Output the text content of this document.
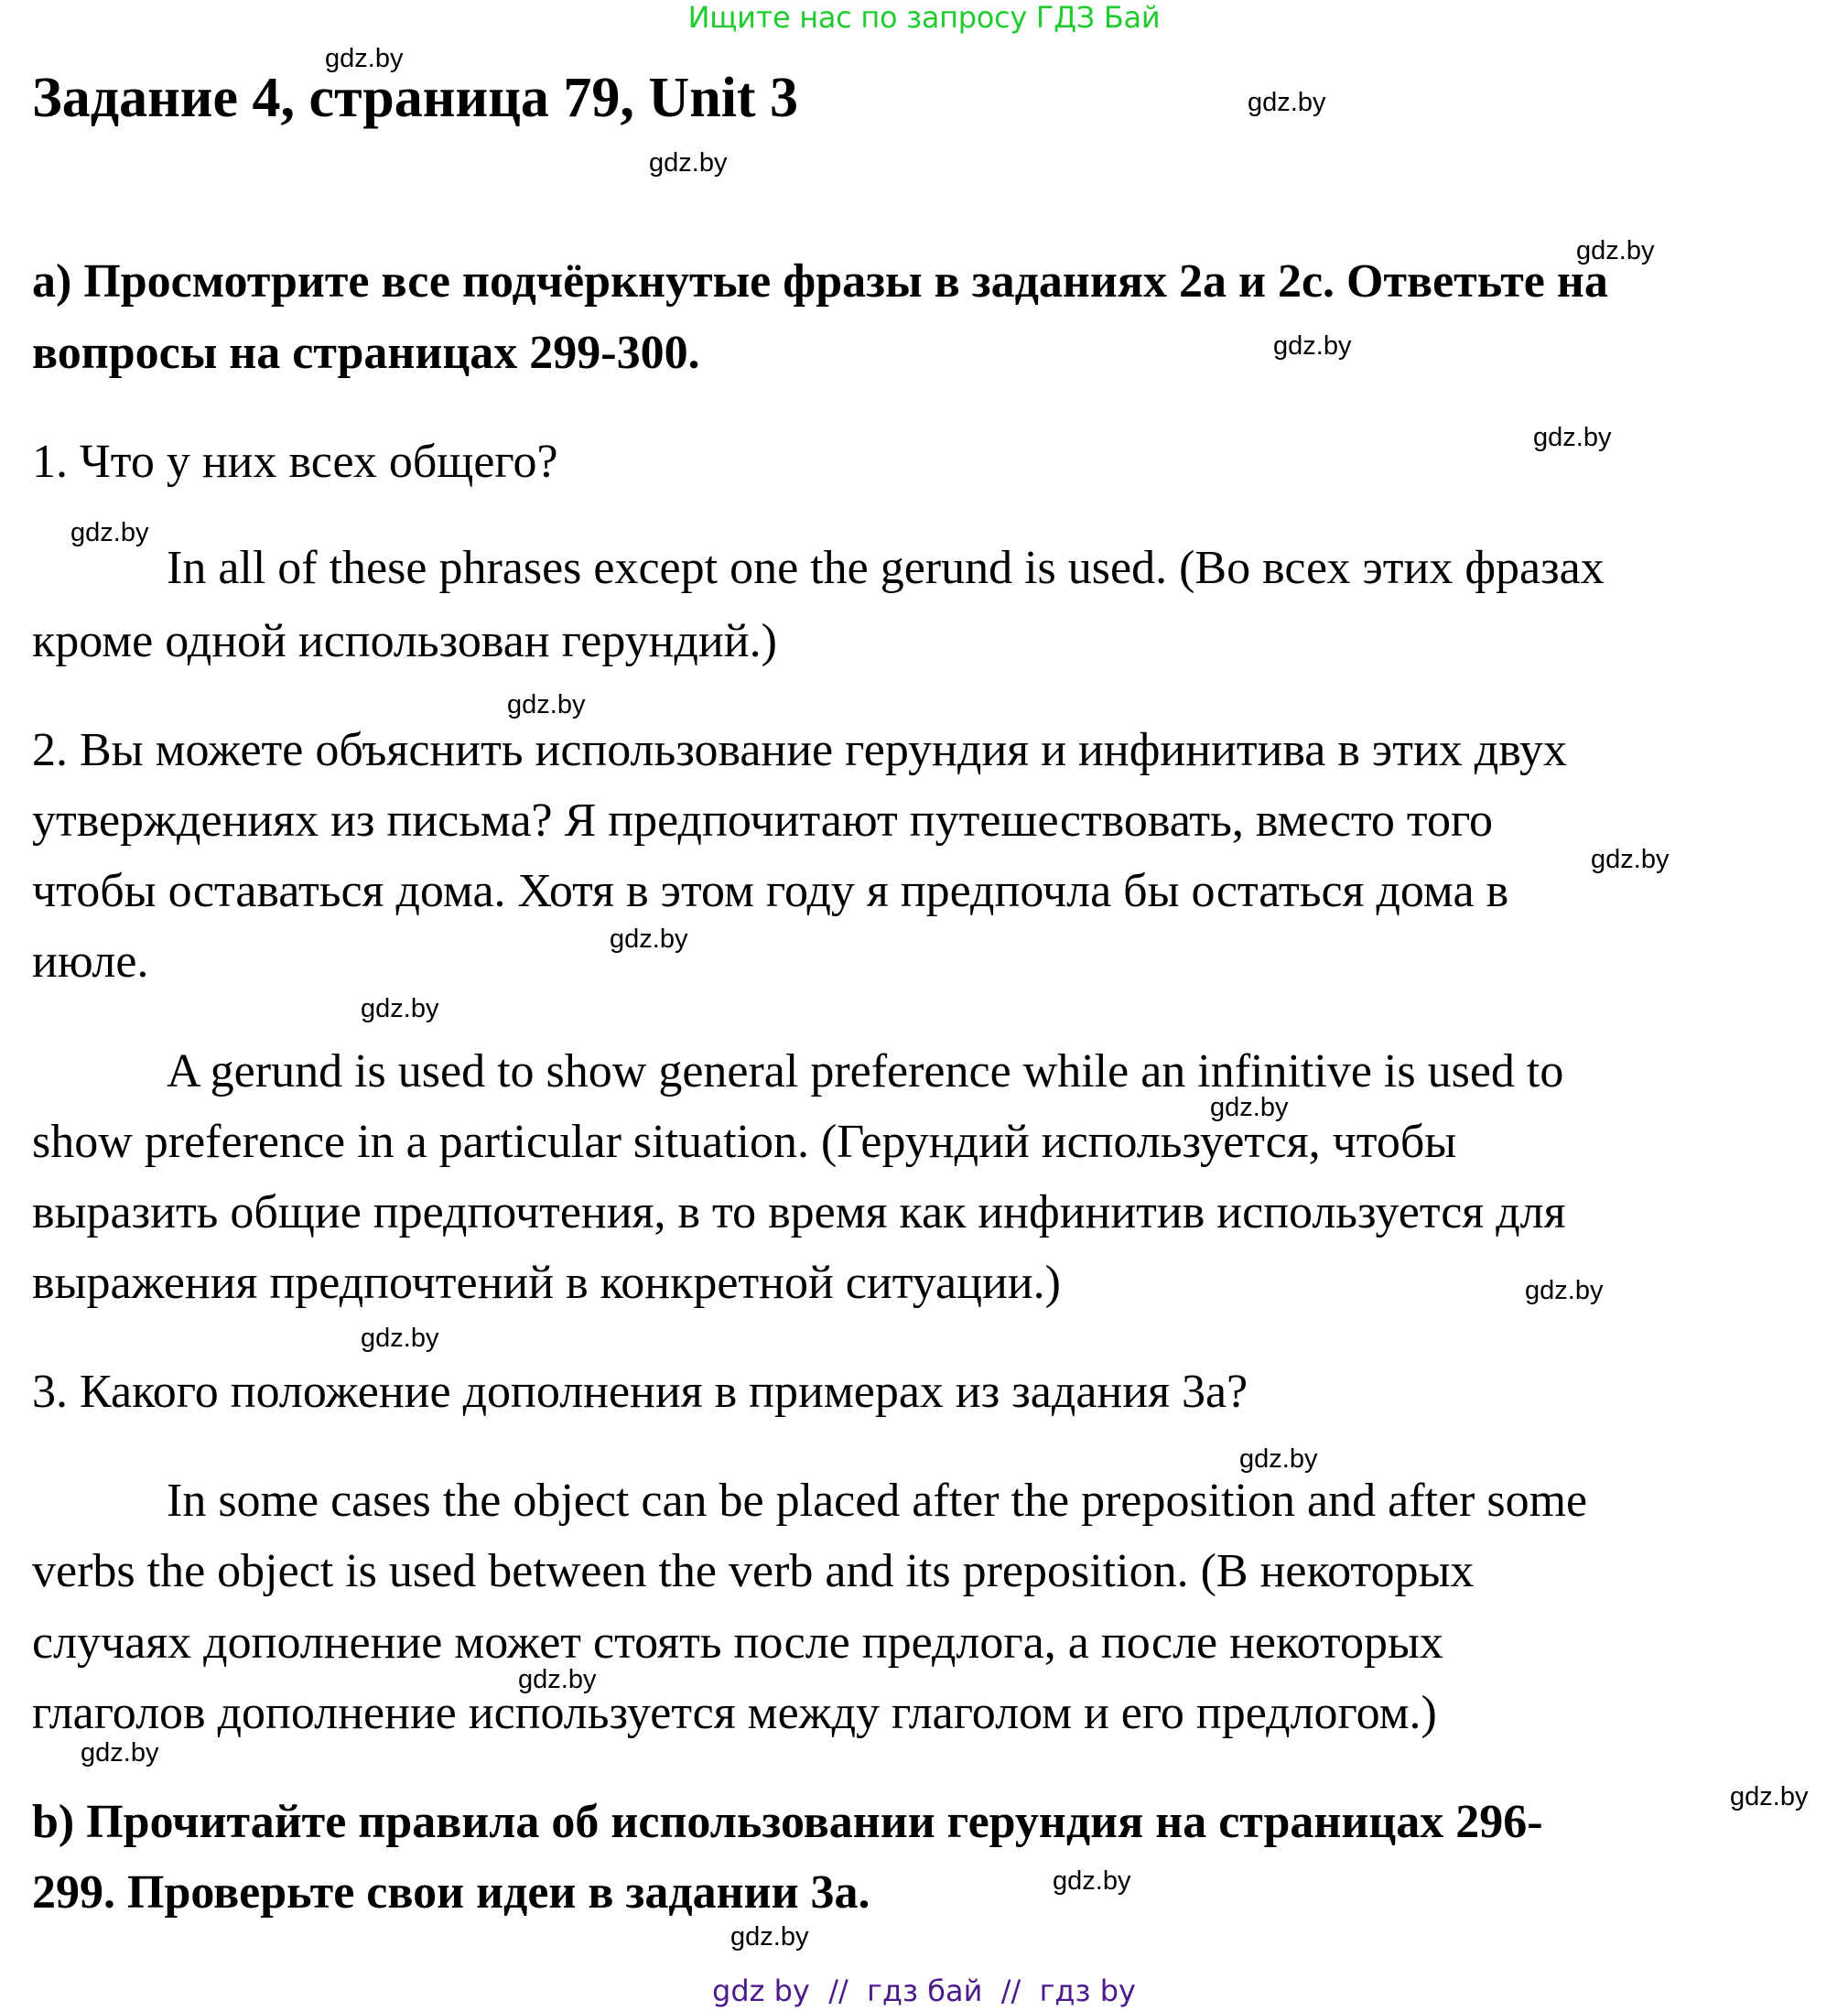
Ищите нас по запросу ГДЗ Бай
Задание 4, страница 79, Unit 3
а) Просмотрите все подчёркнутые фразы в заданиях 2a и 2c. Ответьте на
вопросы на страницах 299-300.
1. Что у них всех общего?
In all of these phrases except one the gerund is used. (Во всех этих фразах
кроме одной использован герундий.)
2. Вы можете объяснить использование герундия и инфинитива в этих двух
утверждениях из письма? Я предпочитают путешествовать, вместо того
чтобы оставаться дома. Хотя в этом году я предпочла бы остаться дома в
июле.
A gerund is used to show general preference while an infinitive is used to
show preference in a particular situation. (Герундий используется, чтобы
выразить общие предпочтения, в то время как инфинитив используется для
выражения предпочтений в конкретной ситуации.)
3. Какого положение дополнения в примерах из задания 3a?
In some cases the object can be placed after the preposition and after some
verbs the object is used between the verb and its preposition. (В некоторых
случаях дополнение может стоять после предлога, а после некоторых
глаголов дополнение используется между глаголом и его предлогом.)
b) Прочитайте правила об использовании герундия на страницах 296-
299. Проверьте свои идеи в задании 3a.
gdz.by
gdz.by
gdz.by
gdz.by
gdz.by
gdz.by
gdz.by
gdz.by
gdz.by
gdz.by
gdz.by
gdz.by
gdz.by
gdz.by
gdz.by
gdz.by
gdz.by
gdz.by
gdz.by
gdz.by
gdz by  //  гдз бай  //  гдз by
